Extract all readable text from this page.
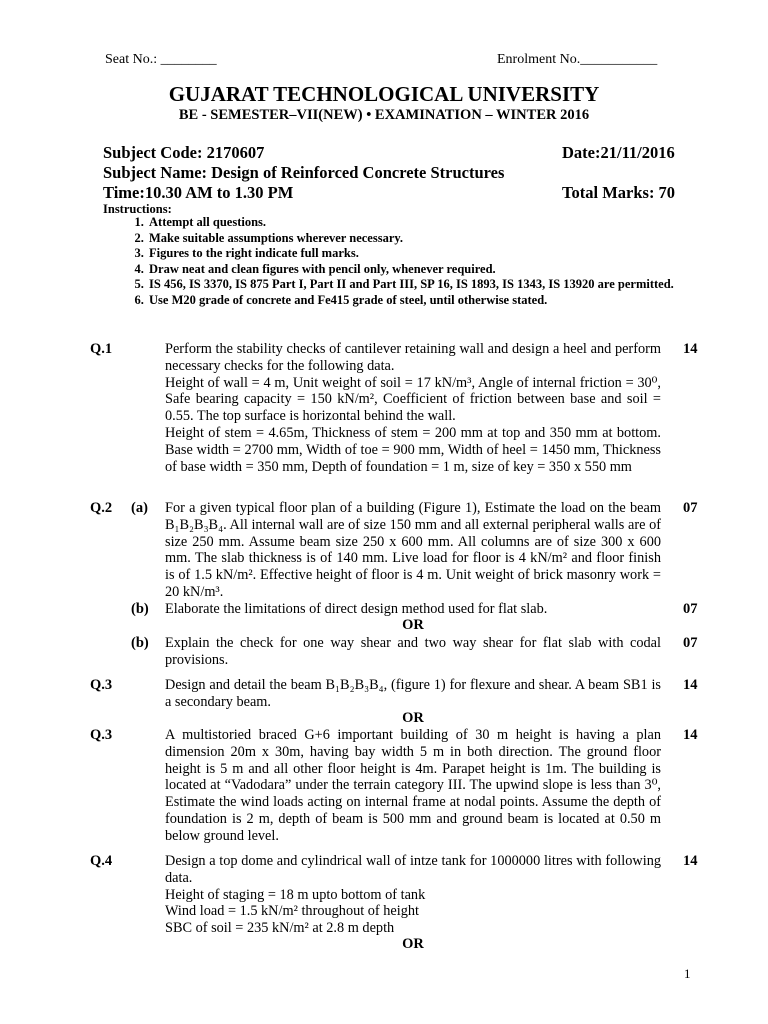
Seat No.: ________	Enrolment No.___________
GUJARAT TECHNOLOGICAL UNIVERSITY
BE - SEMESTER–VII(NEW) • EXAMINATION – WINTER 2016
Subject Code: 2170607	Date:21/11/2016
Subject Name: Design of Reinforced Concrete Structures
Time:10.30 AM to 1.30 PM	Total Marks: 70
Instructions:
1. Attempt all questions.
2. Make suitable assumptions wherever necessary.
3. Figures to the right indicate full marks.
4. Draw neat and clean figures with pencil only, whenever required.
5. IS 456, IS 3370, IS 875 Part I, Part II and Part III, SP 16, IS 1893, IS 1343, IS 13920 are permitted.
6. Use M20 grade of concrete and Fe415 grade of steel, until otherwise stated.
Q.1	14

Perform the stability checks of cantilever retaining wall and design a heel and perform necessary checks for the following data.

Height of wall = 4 m, Unit weight of soil = 17 kN/m³, Angle of internal friction = 30⁰, Safe bearing capacity = 150 kN/m², Coefficient of friction between base and soil = 0.55. The top surface is horizontal behind the wall.

Height of stem = 4.65m, Thickness of stem = 200 mm at top and 350 mm at bottom. Base width = 2700 mm, Width of toe = 900 mm, Width of heel = 1450 mm, Thickness of base width = 350 mm, Depth of foundation = 1 m, size of key = 350 x 550 mm

Q.2 (a)	07
For a given typical floor plan of a building (Figure 1), Estimate the load on the beam B₁B₂B₃B₄. All internal wall are of size 150 mm and all external peripheral walls are of size 250 mm. Assume beam size 250 x 600 mm. All columns are of size 300 x 600 mm. The slab thickness is of 140 mm. Live load for floor is 4 kN/m² and floor finish is of 1.5 kN/m². Effective height of floor is 4 m. Unit weight of brick masonry work = 20 kN/m³.
(b)	07
Elaborate the limitations of direct design method used for flat slab.
OR
(b)	07
Explain the check for one way shear and two way shear for flat slab with codal provisions.
Q.3	14
Design and detail the beam B₁B₂B₃B₄, (figure 1) for flexure and shear. A beam SB1 is a secondary beam.
OR
Q.3	14
A multistoried braced G+6 important building of 30 m height is having a plan dimension 20m x 30m, having bay width 5 m in both direction. The ground floor height is 5 m and all other floor height is 4m. Parapet height is 1m. The building is located at “Vadodara” under the terrain category III. The upwind slope is less than 3⁰, Estimate the wind loads acting on internal frame at nodal points. Assume the depth of foundation is 2 m, depth of beam is 500 mm and ground beam is located at 0.50 m below ground level.
Q.4	14

Design a top dome and cylindrical wall of intze tank for 1000000 litres with following data.

Height of staging = 18 m upto bottom of tank

Wind load = 1.5 kN/m² throughout of height

SBC of soil = 235 kN/m² at 2.8 m depth

OR
1
